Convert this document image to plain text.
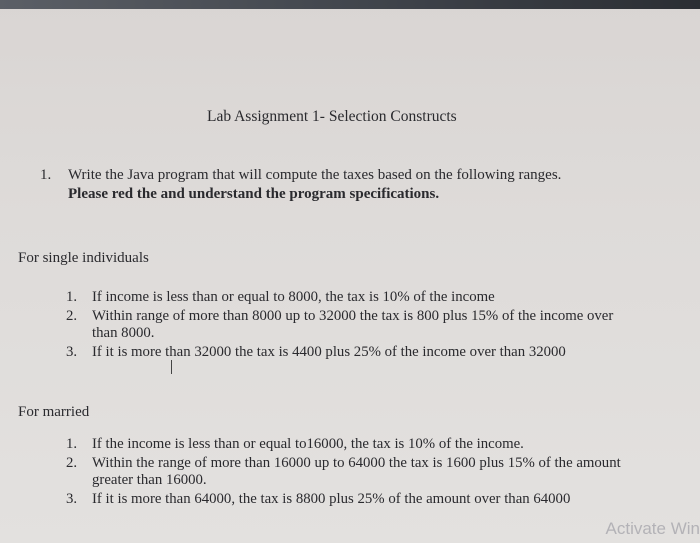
Lab Assignment 1- Selection Constructs
1. Write the Java program that will compute the taxes based on the following ranges.
Please red the and understand the program specifications.
For single individuals
1. If income is less than or equal to 8000, the tax is 10% of the income
2. Within range of more than 8000 up to 32000 the tax is 800 plus 15% of the income over than 8000.
3. If it is more than 32000 the tax is 4400 plus 25% of the income over than 32000
For married
1. If the income is less than or equal to16000, the tax is 10% of the income.
2. Within the range of more than 16000 up to 64000 the tax is 1600 plus 15% of the amount greater than 16000.
3. If it is more than 64000, the tax is 8800 plus 25% of the amount over than 64000
Activate Win
